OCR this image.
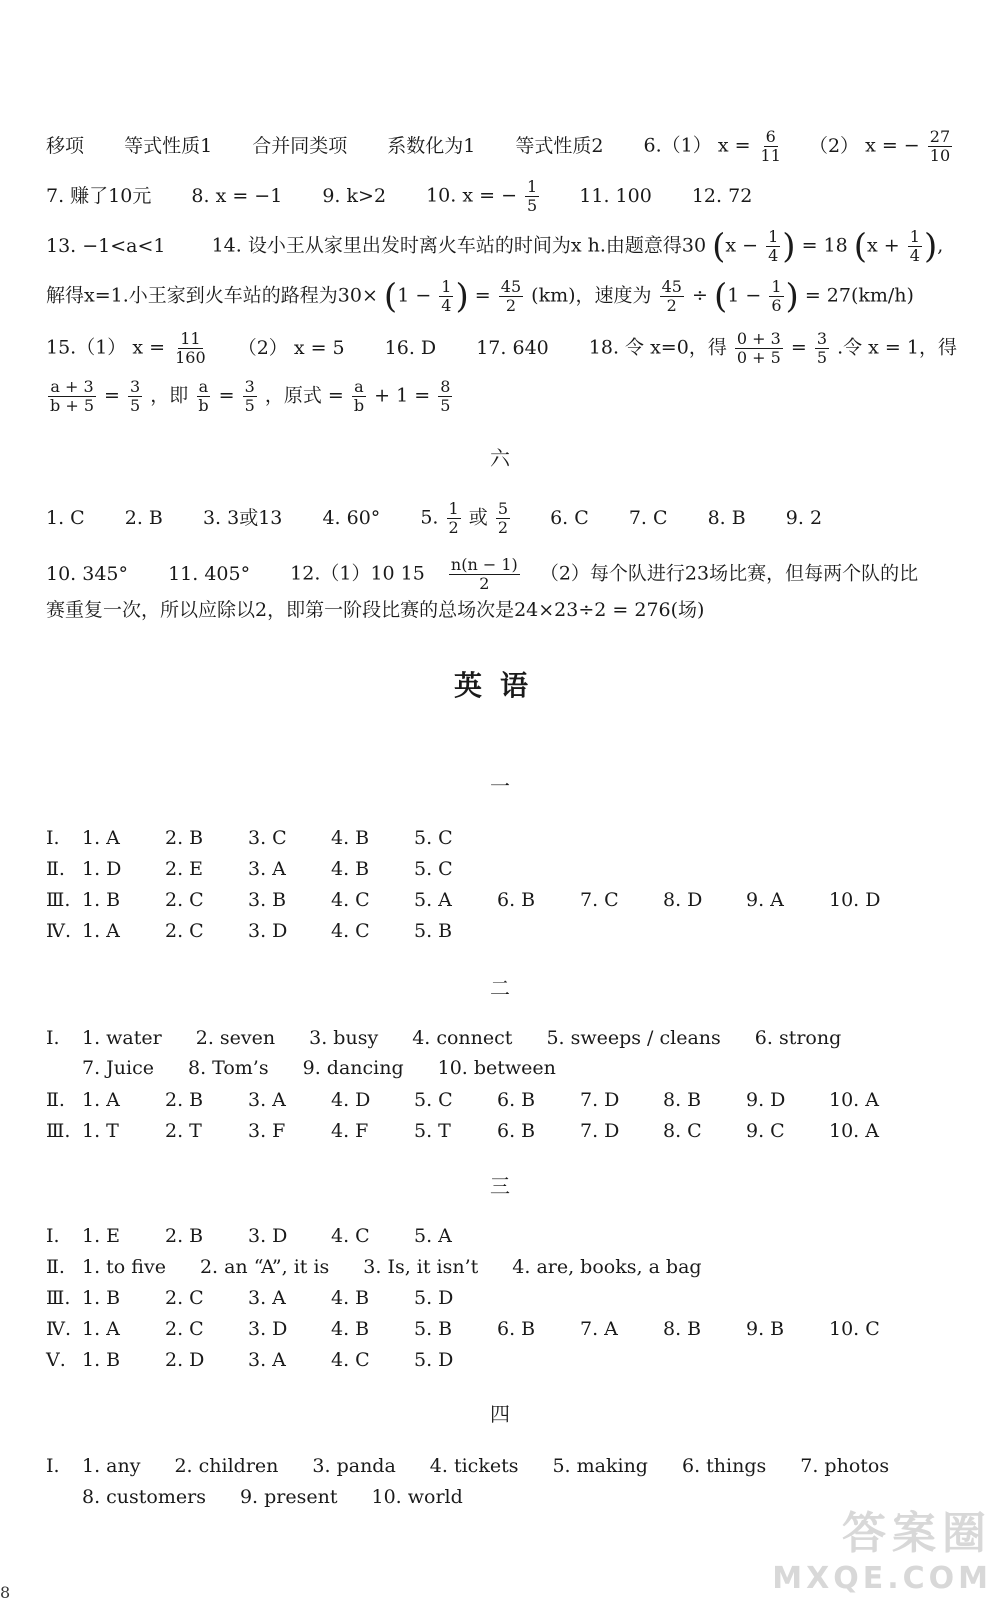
移项 等式性质1 合并同类项 系数化为1 等式性质2 6.（1） $x = \frac{6}{11} (2) x$ = − $\frac{27}{10}$
7. 赚了10元 8. x = −1 9. k>2 10. x = − $\frac{1}{5} 11$. 100 12. 72
13. −1<a<1 14. 设小王从家里出发时离火车站的时间为x h.由题意得30 ($x - \frac{1}{4}$ ) = 18 ($x + \frac{1}{4}$ ),
解得x=1.小王家到火车站的路程为$30\times (1 - \frac{1}{4}$ ) = $\frac{45}{2} (km)$，速度为 $\frac{45}{2} \div (1 - \frac{1}{6}$ ) = 27(km/h)
15.（1） $x = \frac{11}{160} (2) x = 5$ 16. D 17. 640 18. 令 x=0，得 $\frac{0 + 3}{0 + 5} = \frac{3}{5}$ .令 x = 1，得
$\frac{a + 3}{b + 5} = \frac{3}{5}$ ，即 $\frac{a}{b} = \frac{3}{5}$ ，原式 = $\frac{a}{b} + 1 = \frac{8}{5}$
六
1. C 2. B 3. 3或13 4. 60° 5. $\frac{1}{2}$ 或 $\frac{5}{2} 6$. C 7. C 8. B 9. 2
10. 345° 11. 405° 12.（1）10 $15 \frac{n(n - 1)}{2} (2)$每个队进行23场比赛，但每两个队的比
赛重复一次，所以应除以2，即第一阶段比赛的总场次是24×23÷2 = 276(场)
英语
一
Ⅰ. 1. A 2. B 3. C 4. B 5. C
Ⅱ. 1. D 2. E 3. A 4. B 5. C
Ⅲ. 1. B 2. C 3. B 4. C 5. A 6. B 7. C 8. D 9. A 10. D
Ⅳ. 1. A 2. C 3. D 4. C 5. B
二
Ⅰ. 1. water 2. seven 3. busy 4. connect 5. sweeps / cleans 6. strong
7. Juice 8. Tom’s 9. dancing 10. between
Ⅱ. 1. A 2. B 3. A 4. D 5. C 6. B 7. D 8. B 9. D 10. A
Ⅲ. 1. T 2. T 3. F 4. F 5. T 6. B 7. D 8. C 9. C 10. A
三
Ⅰ. 1. E 2. B 3. D 4. C 5. A
Ⅱ. 1. to five 2. an “A”, it is 3. Is, it isn’t 4. are, books, a bag
Ⅲ. 1. B 2. C 3. A 4. B 5. D
Ⅳ. 1. A 2. C 3. D 4. B 5. B 6. B 7. A 8. B 9. B 10. C
Ⅴ. 1. B 2. D 3. A 4. C 5. D
四
Ⅰ. 1. any 2. children 3. panda 4. tickets 5. making 6. things 7. photos
8. customers 9. present 10. world
8
答案圈
MXQE.COM
